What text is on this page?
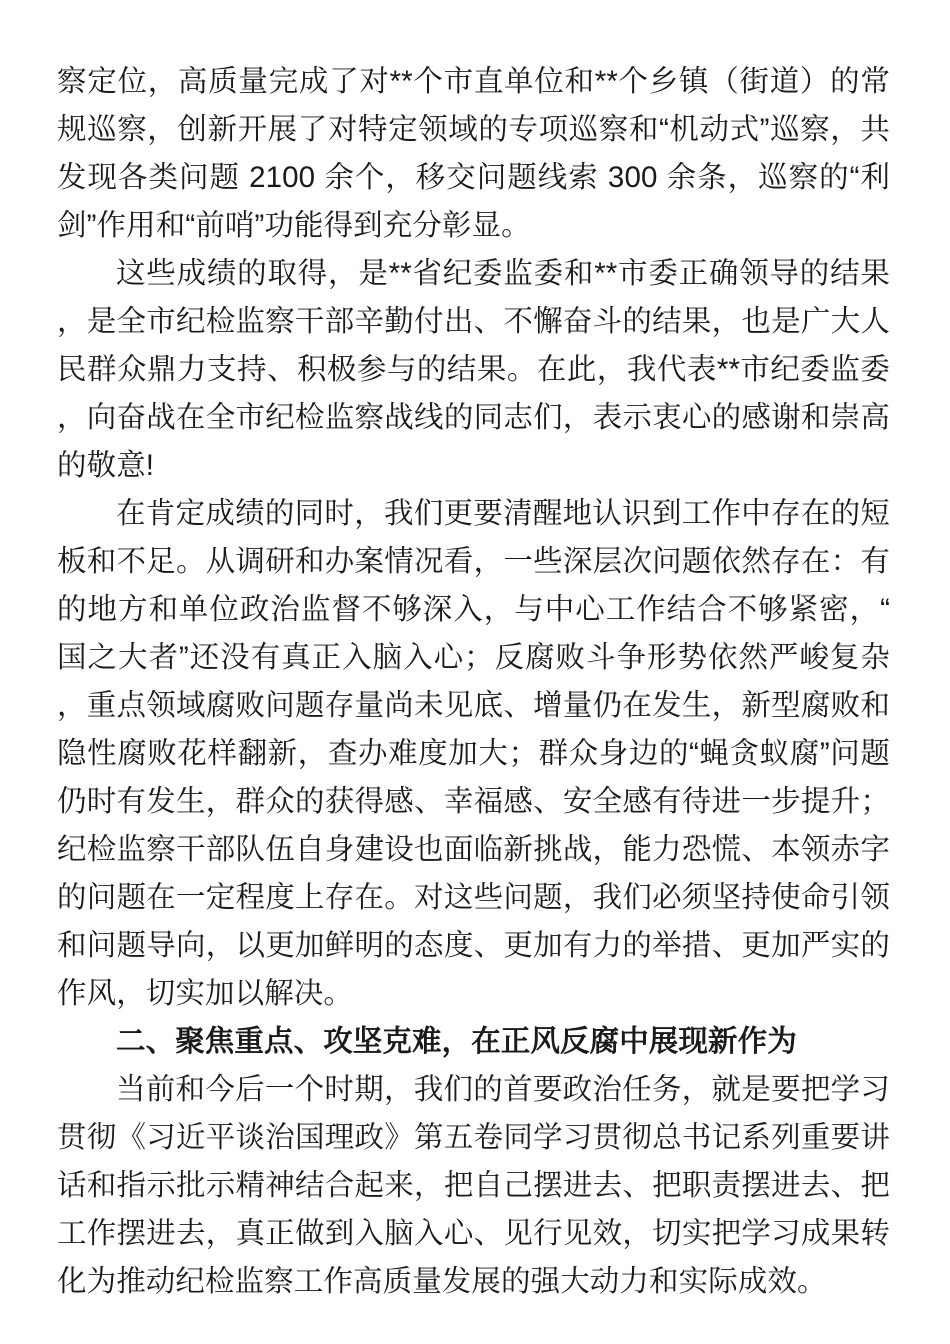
察定位，高质量完成了对**个市直单位和**个乡镇（街道）的常规巡察，创新开展了对特定领域的专项巡察和“机动式”巡察，共发现各类问题 2100 余个，移交问题线索 300 余条，巡察的“利剑”作用和“前哨”功能得到充分彰显。

这些成绩的取得，是**省纪委监委和**市委正确领导的结果，是全市纪检监察干部辛勤付出、不懈奋斗的结果，也是广大人民群众鼎力支持、积极参与的结果。在此，我代表**市纪委监委，向奋战在全市纪检监察战线的同志们，表示衷心的感谢和崇高的敬意!

在肯定成绩的同时，我们更要清醒地认识到工作中存在的短板和不足。从调研和办案情况看，一些深层次问题依然存在：有的地方和单位政治监督不够深入，与中心工作结合不够紧密，“国之大者”还没有真正入脑入心；反腐败斗争形势依然严峻复杂，重点领域腐败问题存量尚未见底、增量仍在发生，新型腐败和隐性腐败花样翻新，查办难度加大；群众身边的“蝇贪蚁腐”问题仍时有发生，群众的获得感、幸福感、安全感有待进一步提升；纪检监察干部队伍自身建设也面临新挑战，能力恐慌、本领赤字的问题在一定程度上存在。对这些问题，我们必须坚持使命引领和问题导向，以更加鲜明的态度、更加有力的举措、更加严实的作风，切实加以解决。

二、聚焦重点、攻坚克难，在正风反腐中展现新作为

当前和今后一个时期，我们的首要政治任务，就是要把学习贯彻《习近平谈治国理政》第五卷同学习贯彻总书记系列重要讲话和指示批示精神结合起来，把自己摆进去、把职责摆进去、把工作摆进去，真正做到入脑入心、见行见效，切实把学习成果转化为推动纪检监察工作高质量发展的强大动力和实际成效。
